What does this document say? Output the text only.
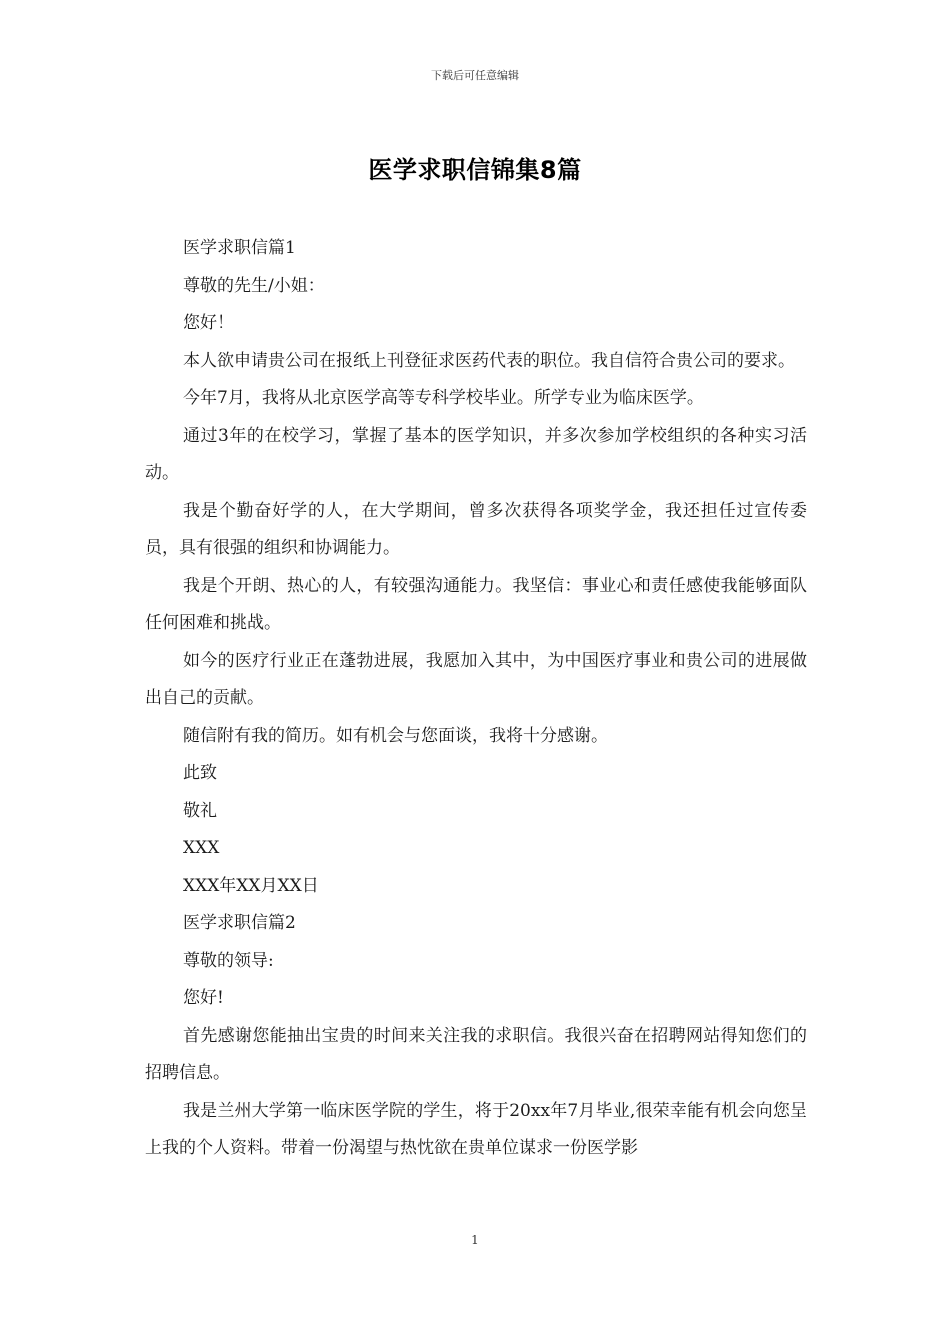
下载后可任意编辑
医学求职信锦集8篇

医学求职信篇1

尊敬的先生/小姐：

您好！

本人欲申请贵公司在报纸上刊登征求医药代表的职位。我自信符合贵公司的要求。

今年7月，我将从北京医学高等专科学校毕业。所学专业为临床医学。

通过3年的在校学习，掌握了基本的医学知识，并多次参加学校组织的各种实习活动。

我是个勤奋好学的人，在大学期间，曾多次获得各项奖学金，我还担任过宣传委员，具有很强的组织和协调能力。

我是个开朗、热心的人，有较强沟通能力。我坚信：事业心和责任感使我能够面队任何困难和挑战。

如今的医疗行业正在蓬勃进展，我愿加入其中，为中国医疗事业和贵公司的进展做出自己的贡献。

随信附有我的简历。如有机会与您面谈，我将十分感谢。

此致

敬礼

XXX

XXX年XX月XX日

医学求职信篇2

尊敬的领导:

您好!

首先感谢您能抽出宝贵的时间来关注我的求职信。我很兴奋在招聘网站得知您们的招聘信息。

我是兰州大学第一临床医学院的学生，将于20xx年7月毕业,很荣幸能有机会向您呈上我的个人资料。带着一份渴望与热忱欲在贵单位谋求一份医学影

1
